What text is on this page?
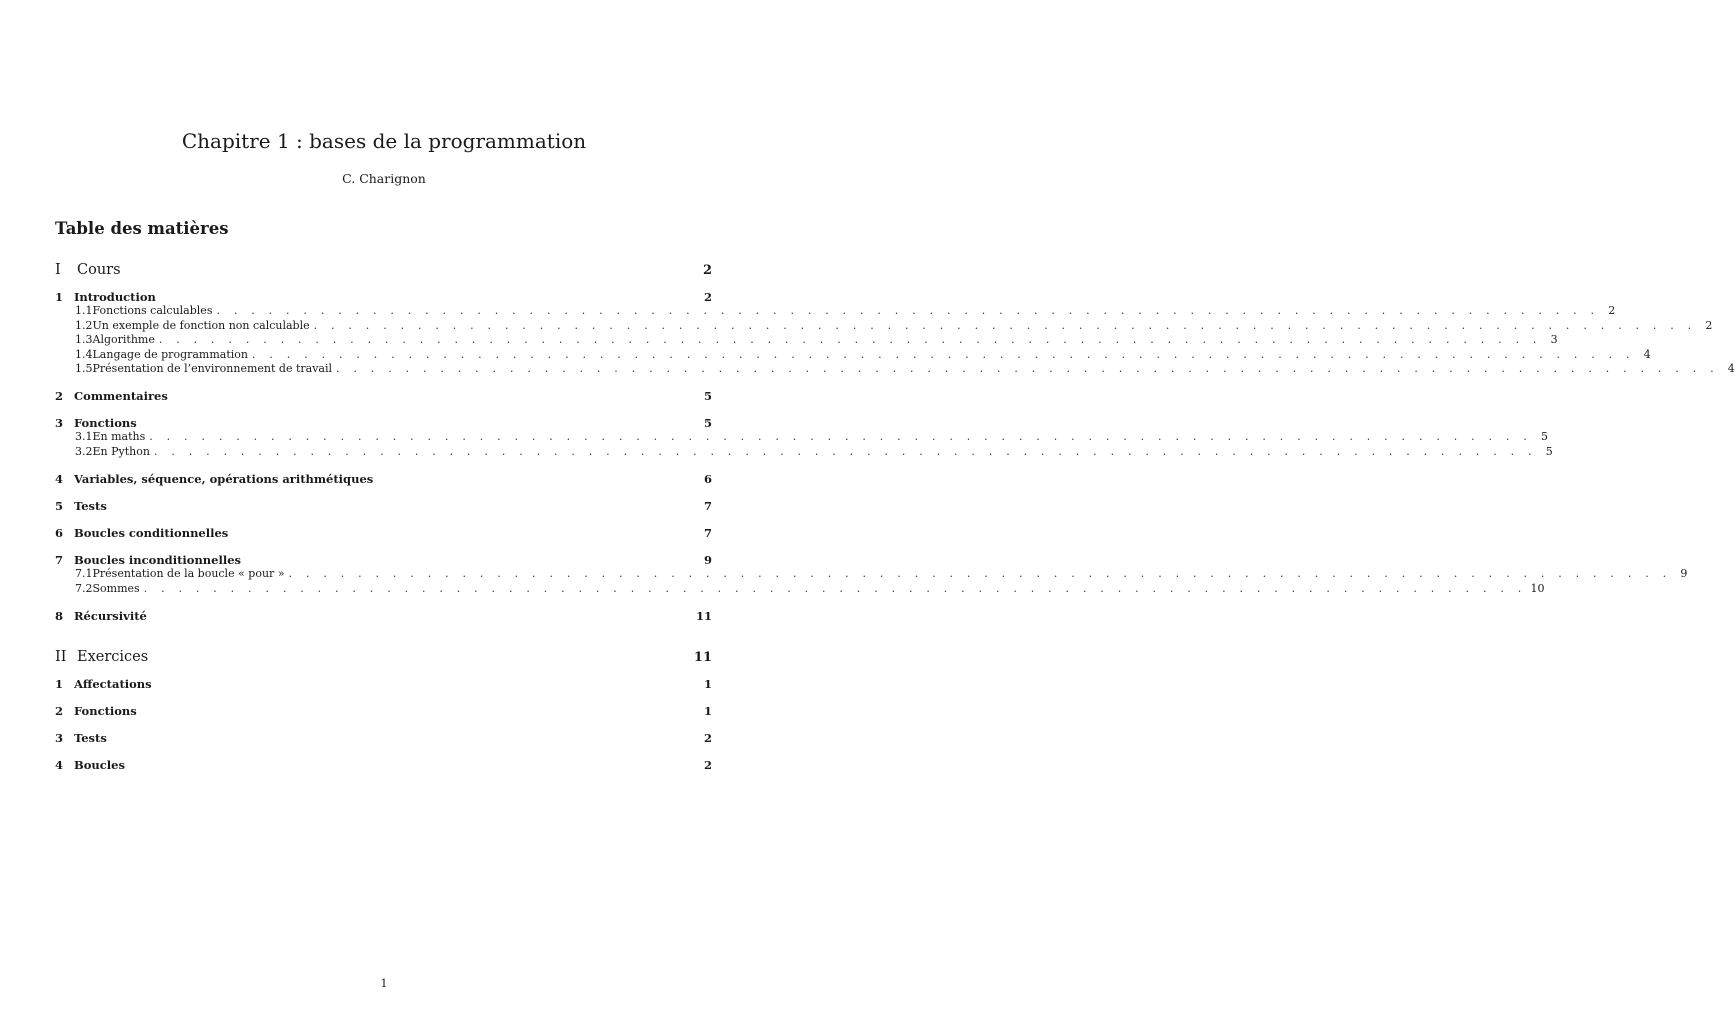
Chapitre 1 : bases de la programmation
C. Charignon
Table des matières
I	Cours	2
1 Introduction	2
1.1 Fonctions calculables . . . . . . . . . . . . . . . . . . . . . . . . . . . . . . . . . . . . . . . . . . . . . . . . . . . . . . . . . . . . . . . . . . . . . . . . . . . . . . . . 2
1.2 Un exemple de fonction non calculable . . . . . . . . . . . . . . . . . . . . . . . . . . . . . . . . . . . . . . . . . . . . . . . . . . . . . . . . . . . . . . . . . . . . . . . . . . . . . . . . 2
1.3 Algorithme . . . . . . . . . . . . . . . . . . . . . . . . . . . . . . . . . . . . . . . . . . . . . . . . . . . . . . . . . . . . . . . . . . . . . . . . . . . . . . . . 3
1.4 Langage de programmation . . . . . . . . . . . . . . . . . . . . . . . . . . . . . . . . . . . . . . . . . . . . . . . . . . . . . . . . . . . . . . . . . . . . . . . . . . . . . . . . 4
1.5 Présentation de l’environnement de travail . . . . . . . . . . . . . . . . . . . . . . . . . . . . . . . . . . . . . . . . . . . . . . . . . . . . . . . . . . . . . . . . . . . . . . . . . . . . . . . . 4
2 Commentaires	5
3 Fonctions	5
3.1 En maths . . . . . . . . . . . . . . . . . . . . . . . . . . . . . . . . . . . . . . . . . . . . . . . . . . . . . . . . . . . . . . . . . . . . . . . . . . . . . . . . 5
3.2 En Python . . . . . . . . . . . . . . . . . . . . . . . . . . . . . . . . . . . . . . . . . . . . . . . . . . . . . . . . . . . . . . . . . . . . . . . . . . . . . . . . 5
4 Variables, séquence, opérations arithmétiques	6
5 Tests	7
6 Boucles conditionnelles	7
7 Boucles inconditionnelles	9
7.1 Présentation de la boucle « pour » . . . . . . . . . . . . . . . . . . . . . . . . . . . . . . . . . . . . . . . . . . . . . . . . . . . . . . . . . . . . . . . . . . . . . . . . . . . . . . . . 9
7.2 Sommes . . . . . . . . . . . . . . . . . . . . . . . . . . . . . . . . . . . . . . . . . . . . . . . . . . . . . . . . . . . . . . . . . . . . . . . . . . . . . . . . 10
8 Récursivité	11
II Exercices	11
1 Affectations	1
2 Fonctions	1
3 Tests	2
4 Boucles	2
1
